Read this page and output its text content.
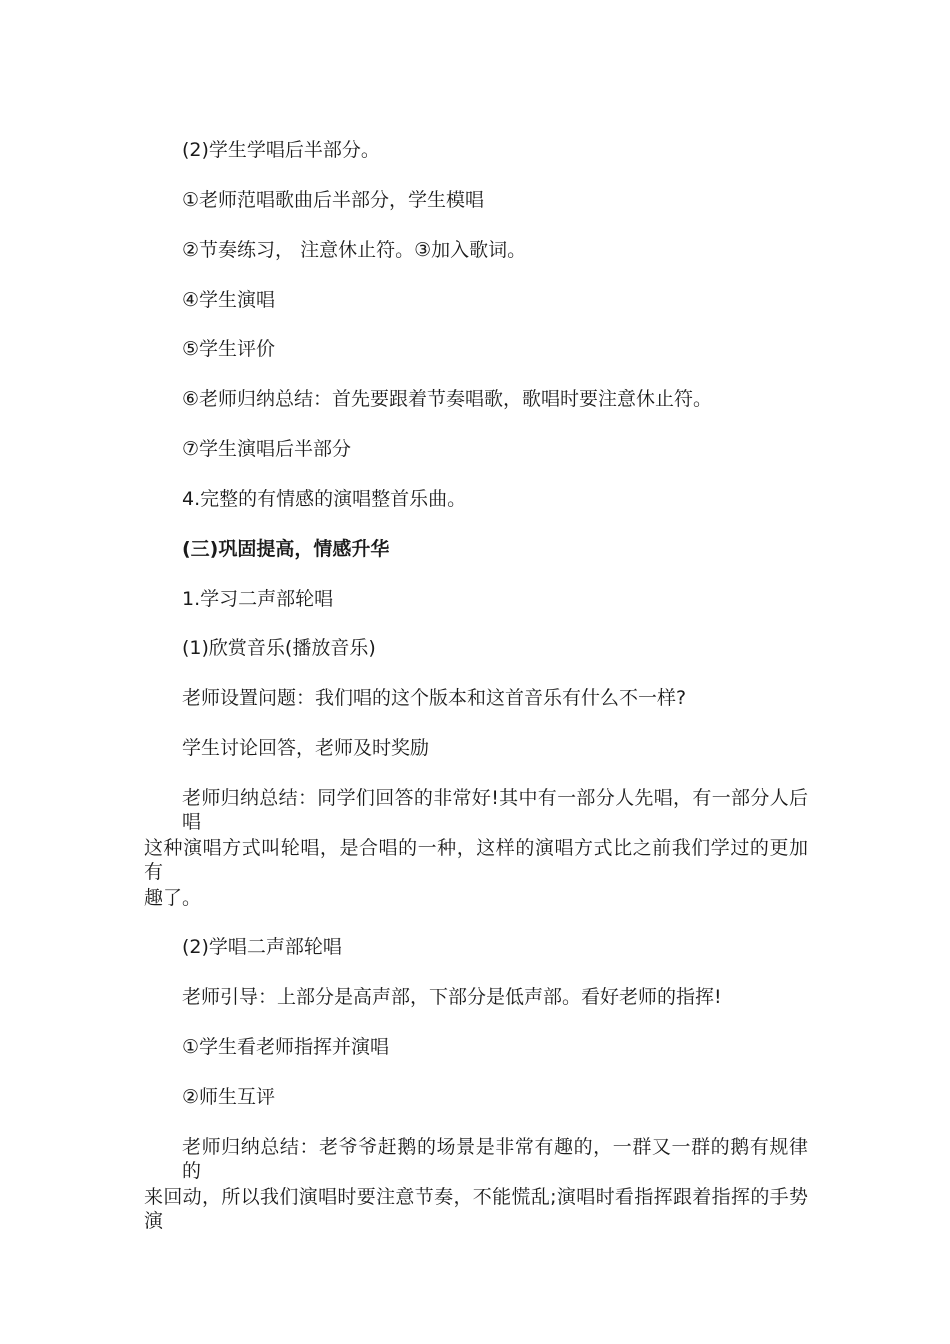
(2)学生学唱后半部分。
①老师范唱歌曲后半部分，学生模唱
②节奏练习， 注意休止符。③加入歌词。
④学生演唱
⑤学生评价
⑥老师归纳总结：首先要跟着节奏唱歌，歌唱时要注意休止符。
⑦学生演唱后半部分
4.完整的有情感的演唱整首乐曲。
(三)巩固提高，情感升华
1.学习二声部轮唱
(1)欣赏音乐(播放音乐)
老师设置问题：我们唱的这个版本和这首音乐有什么不一样?
学生讨论回答，老师及时奖励
老师归纳总结：同学们回答的非常好!其中有一部分人先唱，有一部分人后唱
这种演唱方式叫轮唱，是合唱的一种，这样的演唱方式比之前我们学过的更加有
趣了。
(2)学唱二声部轮唱
老师引导：上部分是高声部，下部分是低声部。看好老师的指挥!
①学生看老师指挥并演唱
②师生互评
老师归纳总结：老爷爷赶鹅的场景是非常有趣的，一群又一群的鹅有规律的
来回动，所以我们演唱时要注意节奏，不能慌乱;演唱时看指挥跟着指挥的手势演
